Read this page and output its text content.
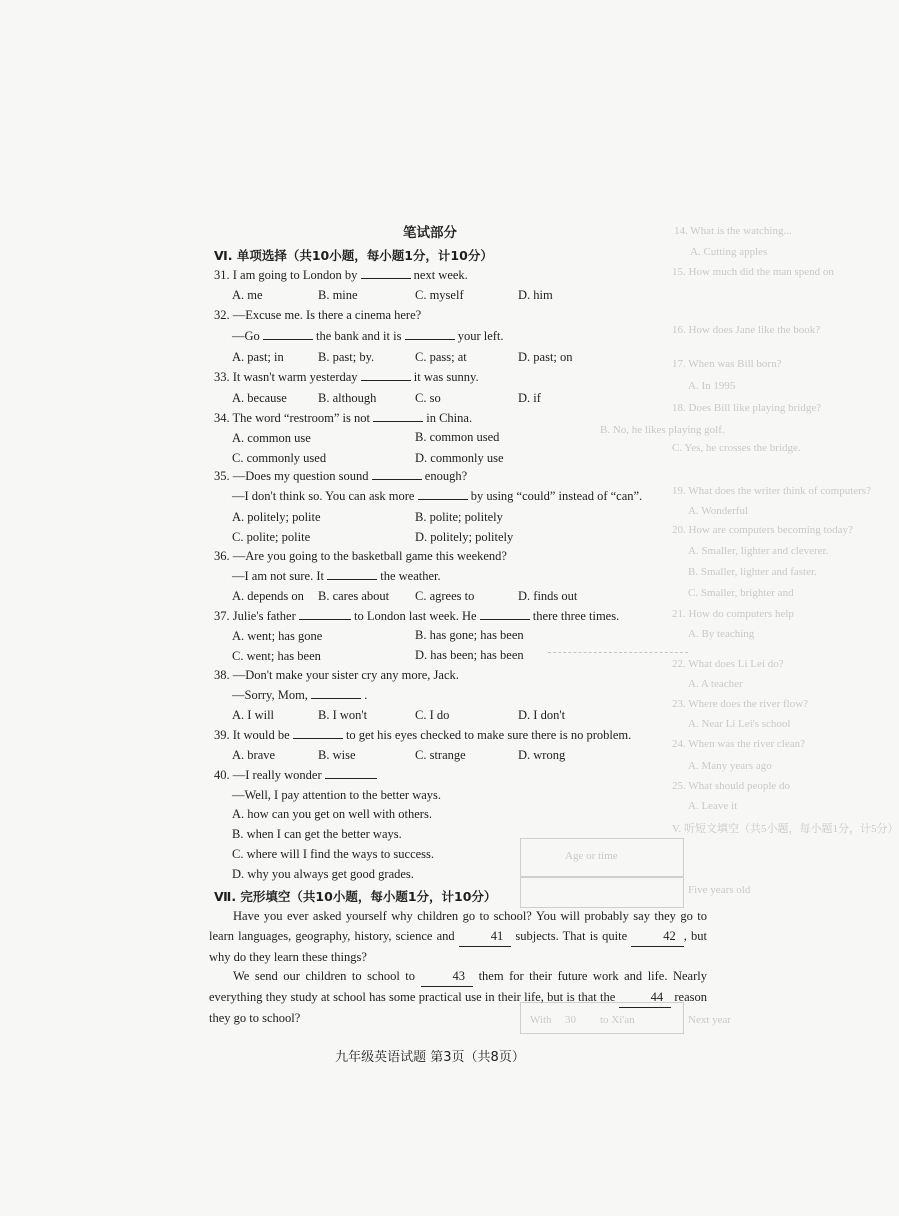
14. What is the watching...
A. Cutting apples
15. How much did the man spend on
16. How does Jane like the book?
17. When was Bill born?
A. In 1995
18. Does Bill like playing bridge?
B. No, he likes playing golf.
C. Yes, he crosses the bridge.
19. What does the writer think of computers?
A. Wonderful
20. How are computers becoming today?
A. Smaller, lighter and cleverer.
B. Smaller, lighter and faster.
C. Smaller, brighter and
21. How do computers help
A. By teaching
22. What does Li Lei do?
A. A teacher
23. Where does the river flow?
A. Near Li Lei's school
24. When was the river clean?
A. Many years ago
25. What should people do
A. Leave it
V. 听短文填空（共5小题，每小题1分，计5分）
Age or time
Five years old
Next year
With 30 to Xi'an
笔试部分
Ⅵ. 单项选择（共10小题，每小题1分，计10分）
31. I am going to London by	next week.
A. me	B. mine	C. myself	D. him
32. —Excuse me. Is there a cinema here?
—Go	the bank and it is	your left.
A. past; in	B. past; by.	C. pass; at	D. past; on
33. It wasn't warm yesterday	it was sunny.
A. because B. although	C. so	D. if
34. The word “restroom” is not	in China.
A. common use	B. common used
C. commonly used	D. commonly use
35. —Does my question sound	enough?
—I don't think so. You can ask more	by using “could” instead of “can”.
A. politely; polite	B. polite; politely
C. polite; polite	D. politely; politely
36. —Are you going to the basketball game this weekend?
—I am not sure. It	the weather.
A. depends on B. cares about C. agrees to	D. finds out
37. Julie's father	to London last week. He	there three times.
A. went; has gone	B. has gone; has been
C. went; has been	D. has been; has been
38. —Don't make your sister cry any more, Jack.
—Sorry, Mom,	.
A. I will	B. I won't	C. I do	D. I don't
39. It would be	to get his eyes checked to make sure there is no problem.
A. brave	B. wise	C. strange	D. wrong
40. —I really wonder
—Well, I pay attention to the better ways.
A. how can you get on well with others.
B. when I can get the better ways.
C. where will I find the ways to success.
D. why you always get good grades.
Ⅶ. 完形填空（共10小题，每小题1分，计10分）
Have you ever asked yourself why children go to school? You will probably say they go to learn languages, geography, history, science and	41 subjects. That is quite	42 , but why do they learn these things?
We send our children to school to	43 them for their future work and life. Nearly everything they study at school has some practical use in their life, but is that the	44 reason they go to school?
九年级英语试题 第3页（共8页）
